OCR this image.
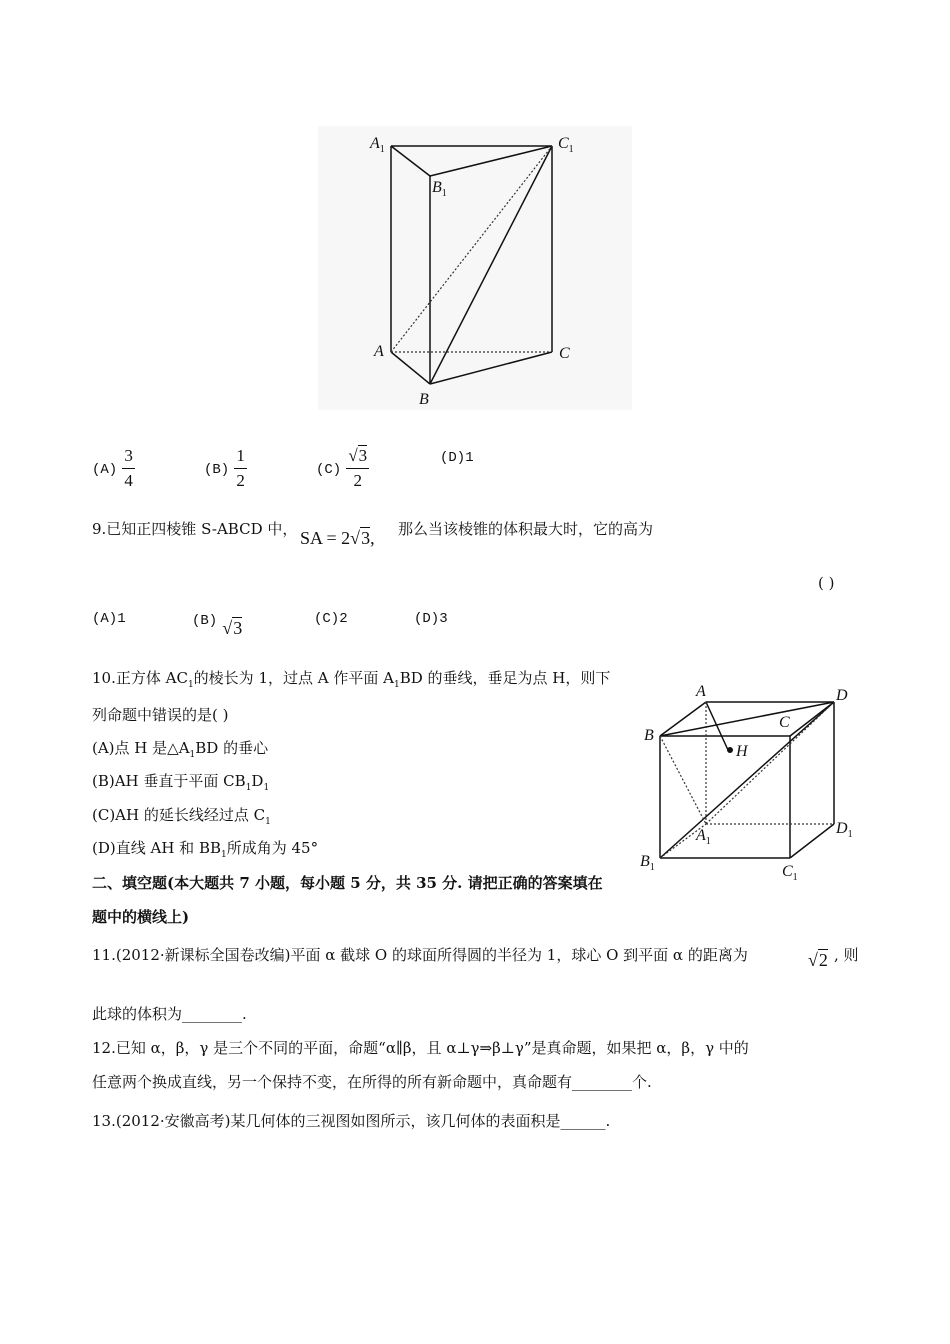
$A_1$
$B_1$
$C_1$
A
B
C
$(A) \frac{3}{4}$	$(B) \frac{1}{2}$	$(C) \frac{√3}{2}$	(D)1
9.已知正四棱锥 S-ABCD 中， SA = 2√3, 那么当该棱锥的体积最大时，它的高为
( )
(A)1	(B) √3	(C)2	(D)3
10.正方体 $AC_1$的棱长为 1，过点 A 作平面 $A_1BD$ 的垂线，垂足为点 H，则下
列命题中错误的是( )
(A)点 H 是$\triangle A_1BD$ 的垂心
(B)AH 垂直于平面 $CB_1D_1$
(C)AH 的延长线经过点 $C_1$
(D)直线 AH 和 $BB_1$所成角为 45°
A	D
B
C
H
$A_1$
$D_1$
$B_1$	$C_1$
二、填空题(本大题共 7 小题，每小题 5 分，共 35 分. 请把正确的答案填在
题中的横线上)
11.(2012·新课标全国卷改编)平面 α 截球 O 的球面所得圆的半径为 1，球心 O 到平面 α 的距离为	√2 , 则
此球的体积为________.
12.已知 α，β，γ 是三个不同的平面，命题“α∥β，且 α⊥γ⇒β⊥γ”是真命题，如果把 α，β，γ 中的
任意两个换成直线，另一个保持不变，在所得的所有新命题中，真命题有________个.
13.(2012·安徽高考)某几何体的三视图如图所示，该几何体的表面积是______.
